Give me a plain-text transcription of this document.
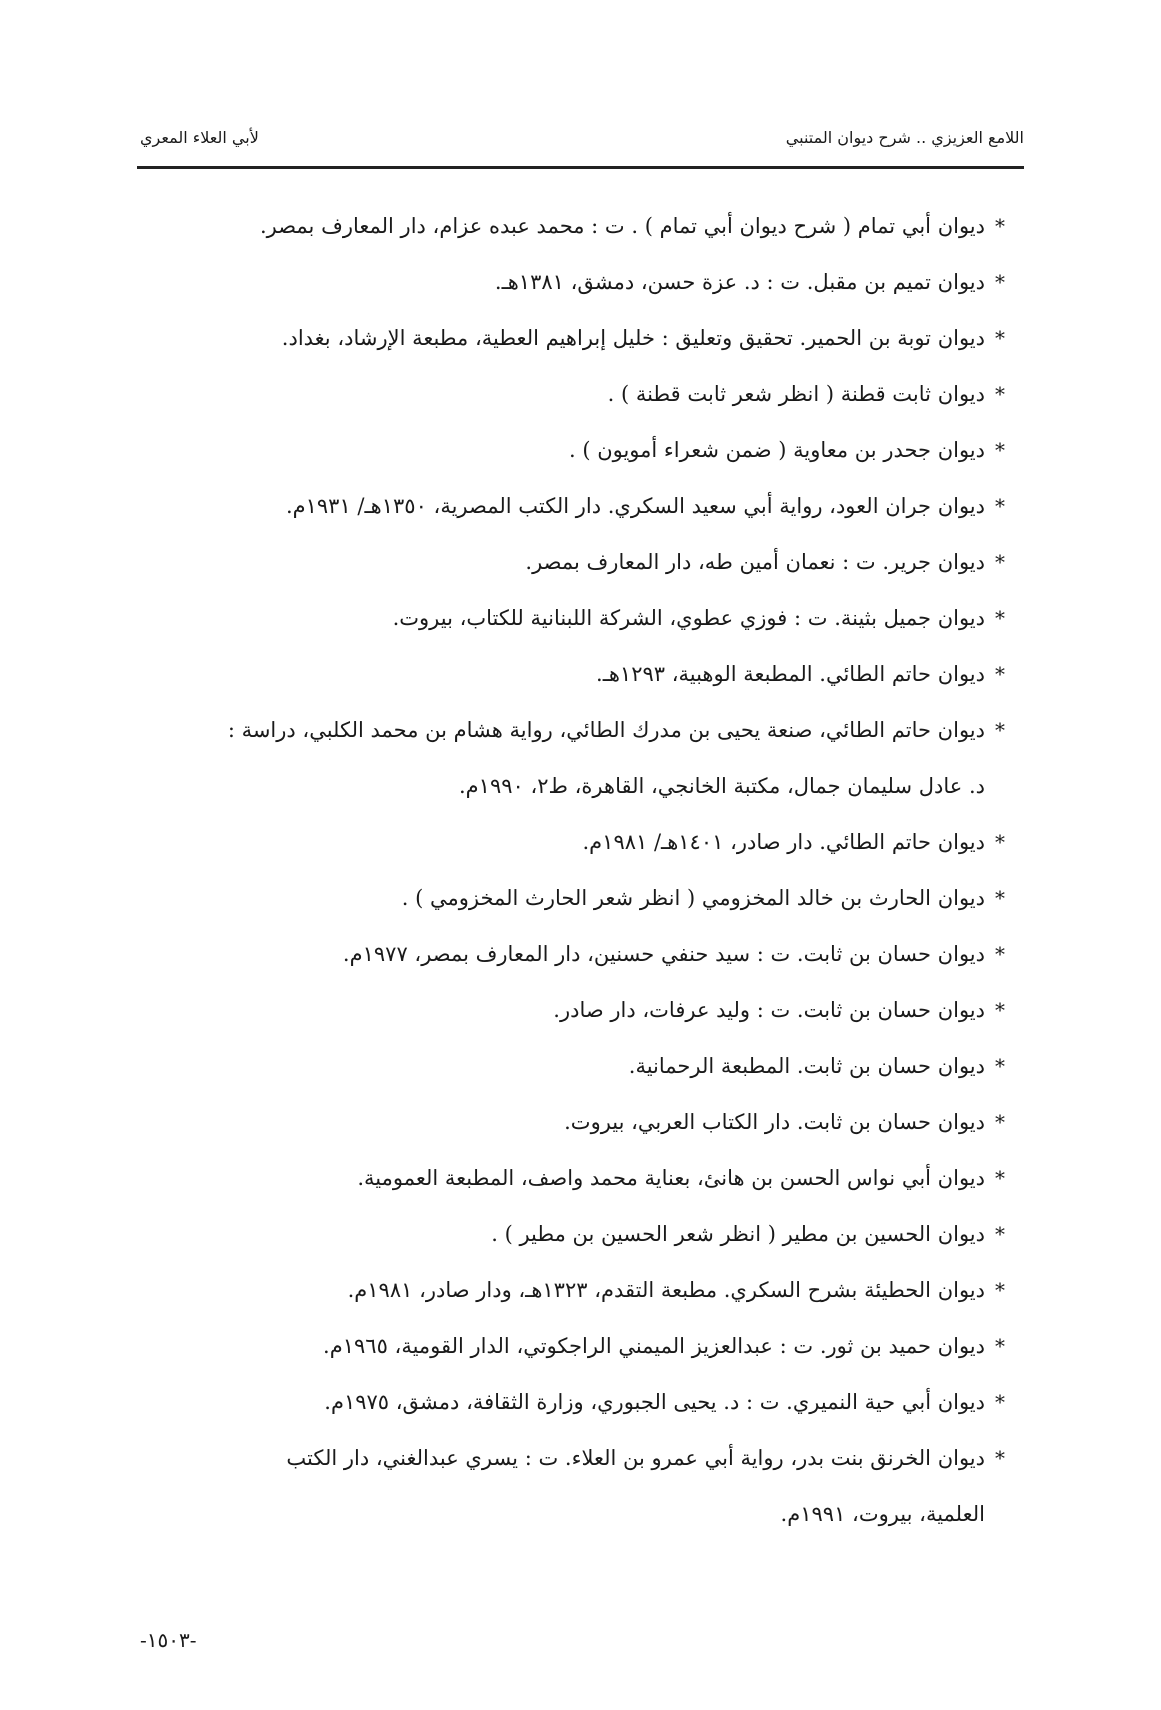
اللامع العزيزي .. شرح ديوان المتنبي
لأبي العلاء المعري
*ديوان أبي تمام ( شرح ديوان أبي تمام ) . ت : محمد عبده عزام، دار المعارف بمصر.
*ديوان تميم بن مقبل. ت : د. عزة حسن، دمشق، ١٣٨١هـ.
*ديوان توبة بن الحمير. تحقيق وتعليق : خليل إبراهيم العطية، مطبعة الإرشاد، بغداد.
*ديوان ثابت قطنة ( انظر شعر ثابت قطنة ) .
*ديوان جحدر بن معاوية ( ضمن شعراء أمويون ) .
*ديوان جران العود، رواية أبي سعيد السكري. دار الكتب المصرية، ١٣٥٠هـ/ ١٩٣١م.
*ديوان جرير. ت : نعمان أمين طه، دار المعارف بمصر.
*ديوان جميل بثينة. ت : فوزي عطوي، الشركة اللبنانية للكتاب، بيروت.
*ديوان حاتم الطائي. المطبعة الوهبية، ١٢٩٣هـ.
*ديوان حاتم الطائي، صنعة يحيى بن مدرك الطائي، رواية هشام بن محمد الكلبي، دراسة :
د. عادل سليمان جمال، مكتبة الخانجي، القاهرة، ط٢، ١٩٩٠م.
*ديوان حاتم الطائي. دار صادر، ١٤٠١هـ/ ١٩٨١م.
*ديوان الحارث بن خالد المخزومي ( انظر شعر الحارث المخزومي ) .
*ديوان حسان بن ثابت. ت : سيد حنفي حسنين، دار المعارف بمصر، ١٩٧٧م.
*ديوان حسان بن ثابت. ت : وليد عرفات، دار صادر.
*ديوان حسان بن ثابت. المطبعة الرحمانية.
*ديوان حسان بن ثابت. دار الكتاب العربي، بيروت.
*ديوان أبي نواس الحسن بن هانئ، بعناية محمد واصف، المطبعة العمومية.
*ديوان الحسين بن مطير ( انظر شعر الحسين بن مطير ) .
*ديوان الحطيئة بشرح السكري. مطبعة التقدم، ١٣٢٣هـ، ودار صادر، ١٩٨١م.
*ديوان حميد بن ثور. ت : عبدالعزيز الميمني الراجكوتي، الدار القومية، ١٩٦٥م.
*ديوان أبي حية النميري. ت : د. يحيى الجبوري، وزارة الثقافة، دمشق، ١٩٧٥م.
*ديوان الخرنق بنت بدر، رواية أبي عمرو بن العلاء. ت : يسري عبدالغني، دار الكتب
العلمية، بيروت، ١٩٩١م.
-١٥٠٣-
